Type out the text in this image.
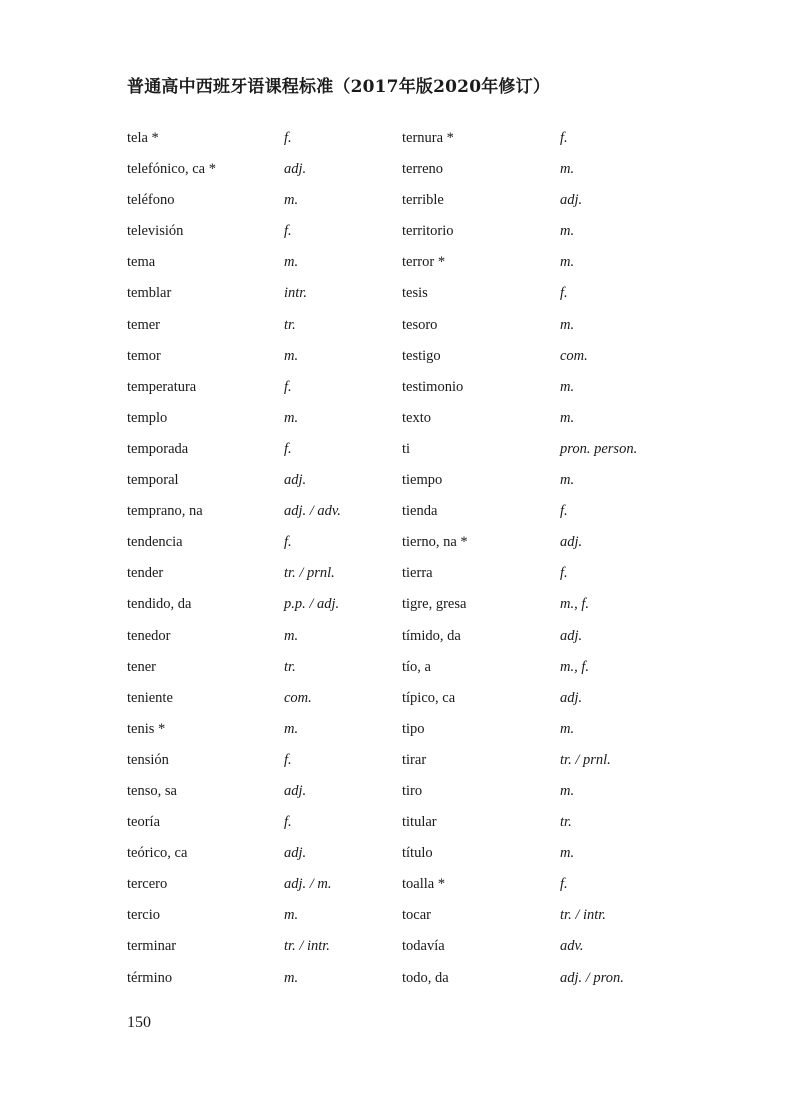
普通高中西班牙语课程标准（2017年版2020年修订）
tela *	f.	ternura *	f.
telefónico, ca *	adj.	terreno	m.
teléfono	m.	terrible	adj.
televisión	f.	territorio	m.
tema	m.	terror *	m.
temblar	intr.	tesis	f.
temer	tr.	tesoro	m.
temor	m.	testigo	com.
temperatura	f.	testimonio	m.
templo	m.	texto	m.
temporada	f.	ti	pron. person.
temporal	adj.	tiempo	m.
temprano, na	adj. / adv.	tienda	f.
tendencia	f.	tierno, na *	adj.
tender	tr. / prnl.	tierra	f.
tendido, da	p.p. / adj.	tigre, gresa	m., f.
tenedor	m.	tímido, da	adj.
tener	tr.	tío, a	m., f.
teniente	com.	típico, ca	adj.
tenis *	m.	tipo	m.
tensión	f.	tirar	tr. / prnl.
tenso, sa	adj.	tiro	m.
teoría	f.	titular	tr.
teórico, ca	adj.	título	m.
tercero	adj. / m.	toalla *	f.
tercio	m.	tocar	tr. / intr.
terminar	tr. / intr.	todavía	adv.
término	m.	todo, da	adj. / pron.
150
